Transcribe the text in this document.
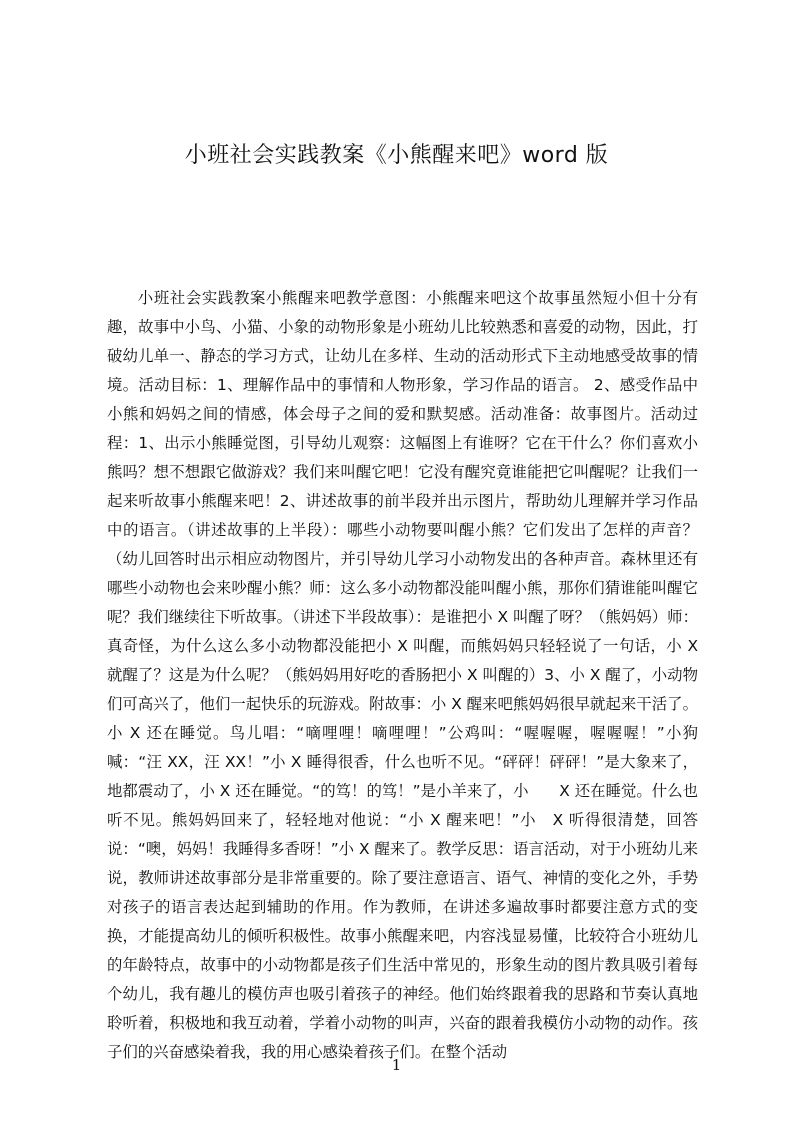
小班社会实践教案《小熊醒来吧》word 版

小班社会实践教案小熊醒来吧教学意图：小熊醒来吧这个故事虽然短小但十分有趣，故事中小鸟、小猫、小象的动物形象是小班幼儿比较熟悉和喜爱的动物，因此，打破幼儿单一、静态的学习方式，让幼儿在多样、生动的活动形式下主动地感受故事的情境。活动目标：1、理解作品中的事情和人物形象，学习作品的语言。 2、感受作品中小熊和妈妈之间的情感，体会母子之间的爱和默契感。活动准备：故事图片。活动过程：1、出示小熊睡觉图，引导幼儿观察：这幅图上有谁呀？它在干什么？你们喜欢小熊吗？想不想跟它做游戏？我们来叫醒它吧！它没有醒究竟谁能把它叫醒呢？让我们一起来听故事小熊醒来吧！2、讲述故事的前半段并出示图片，帮助幼儿理解并学习作品中的语言。（讲述故事的上半段）：哪些小动物要叫醒小熊？它们发出了怎样的声音？（幼儿回答时出示相应动物图片，并引导幼儿学习小动物发出的各种声音。森林里还有哪些小动物也会来吵醒小熊？师：这么多小动物都没能叫醒小熊，那你们猜谁能叫醒它呢？我们继续往下听故事。（讲述下半段故事）：是谁把小 X 叫醒了呀？（熊妈妈）师：真奇怪，为什么这么多小动物都没能把小 X 叫醒，而熊妈妈只轻轻说了一句话，小 X 就醒了？这是为什么呢？（熊妈妈用好吃的香肠把小 X 叫醒的）3、小 X 醒了，小动物们可高兴了，他们一起快乐的玩游戏。附故事：小 X 醒来吧熊妈妈很早就起来干活了。小 X 还在睡觉。鸟儿唱：“嘀哩哩！嘀哩哩！”公鸡叫：“喔喔喔，喔喔喔！”小狗喊：“汪 XX，汪 XX！”小 X 睡得很香，什么也听不见。“砰砰！砰砰！”是大象来了，地都震动了，小 X 还在睡觉。“的笃！的笃！”是小羊来了，小　　X 还在睡觉。什么也听不见。熊妈妈回来了，轻轻地对他说：“小 X 醒来吧！”小　X 听得很清楚，回答说：“噢，妈妈！我睡得多香呀！”小 X 醒来了。教学反思：语言活动，对于小班幼儿来说，教师讲述故事部分是非常重要的。除了要注意语言、语气、神情的变化之外，手势对孩子的语言表达起到辅助的作用。作为教师，在讲述多遍故事时都要注意方式的变换，才能提高幼儿的倾听积极性。故事小熊醒来吧，内容浅显易懂，比较符合小班幼儿的年龄特点，故事中的小动物都是孩子们生活中常见的，形象生动的图片教具吸引着每个幼儿，我有趣儿的模仿声也吸引着孩子的神经。他们始终跟着我的思路和节奏认真地聆听着，积极地和我互动着，学着小动物的叫声，兴奋的跟着我模仿小动物的动作。孩子们的兴奋感染着我，我的用心感染着孩子们。在整个活动

1
